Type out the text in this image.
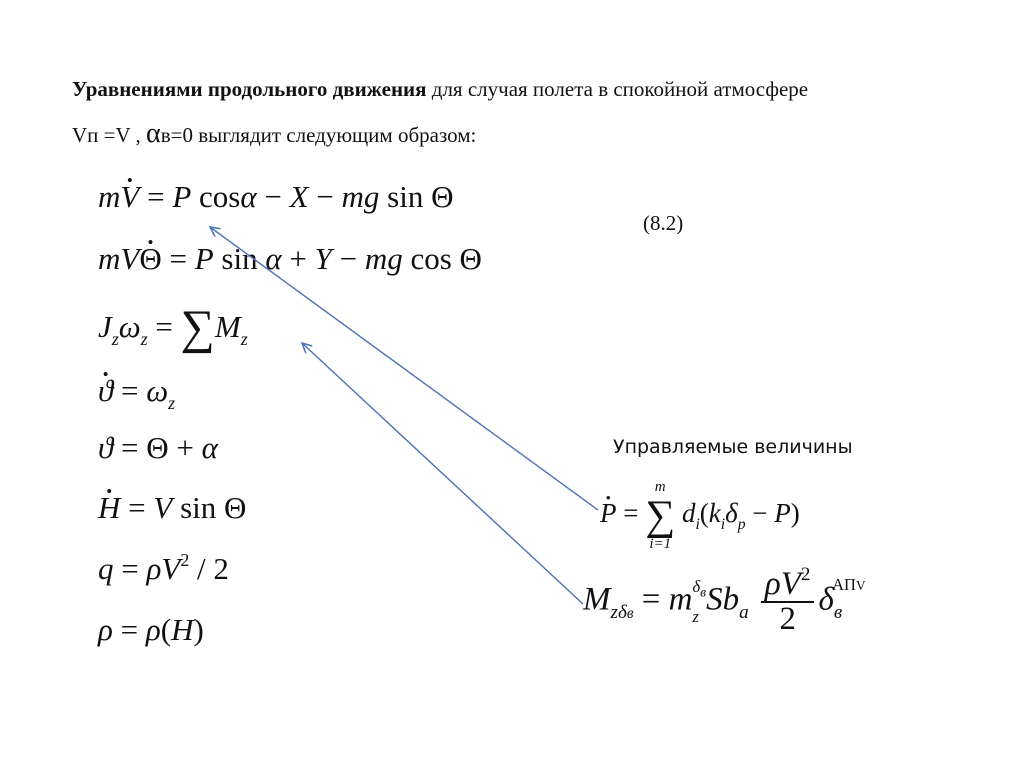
Уравнениями продольного движения для случая полета в спокойной атмосфере
Vп =V , αв=0 выглядит следующим образом:
m• V = P cosα − X − mg sin Θ
mV• Θ = P sin α + Y − mg cos Θ
$J_z\omega_z = \sum M_z$
• $ϑ = \omega_z$
ϑ = Θ + α
• H = V sin Θ
$q = \rho V^2 / 2$
ρ = ρ(H)
(8.2)
Управляемые величины
• P = m
∑
i=1 $d_i(k_i\delta_p - P)$
$M_{z\delta в} = m$ $\delta_в$
z $Sb_a \frac{\rho V^2}{2} \delta_в^{АПV}$
